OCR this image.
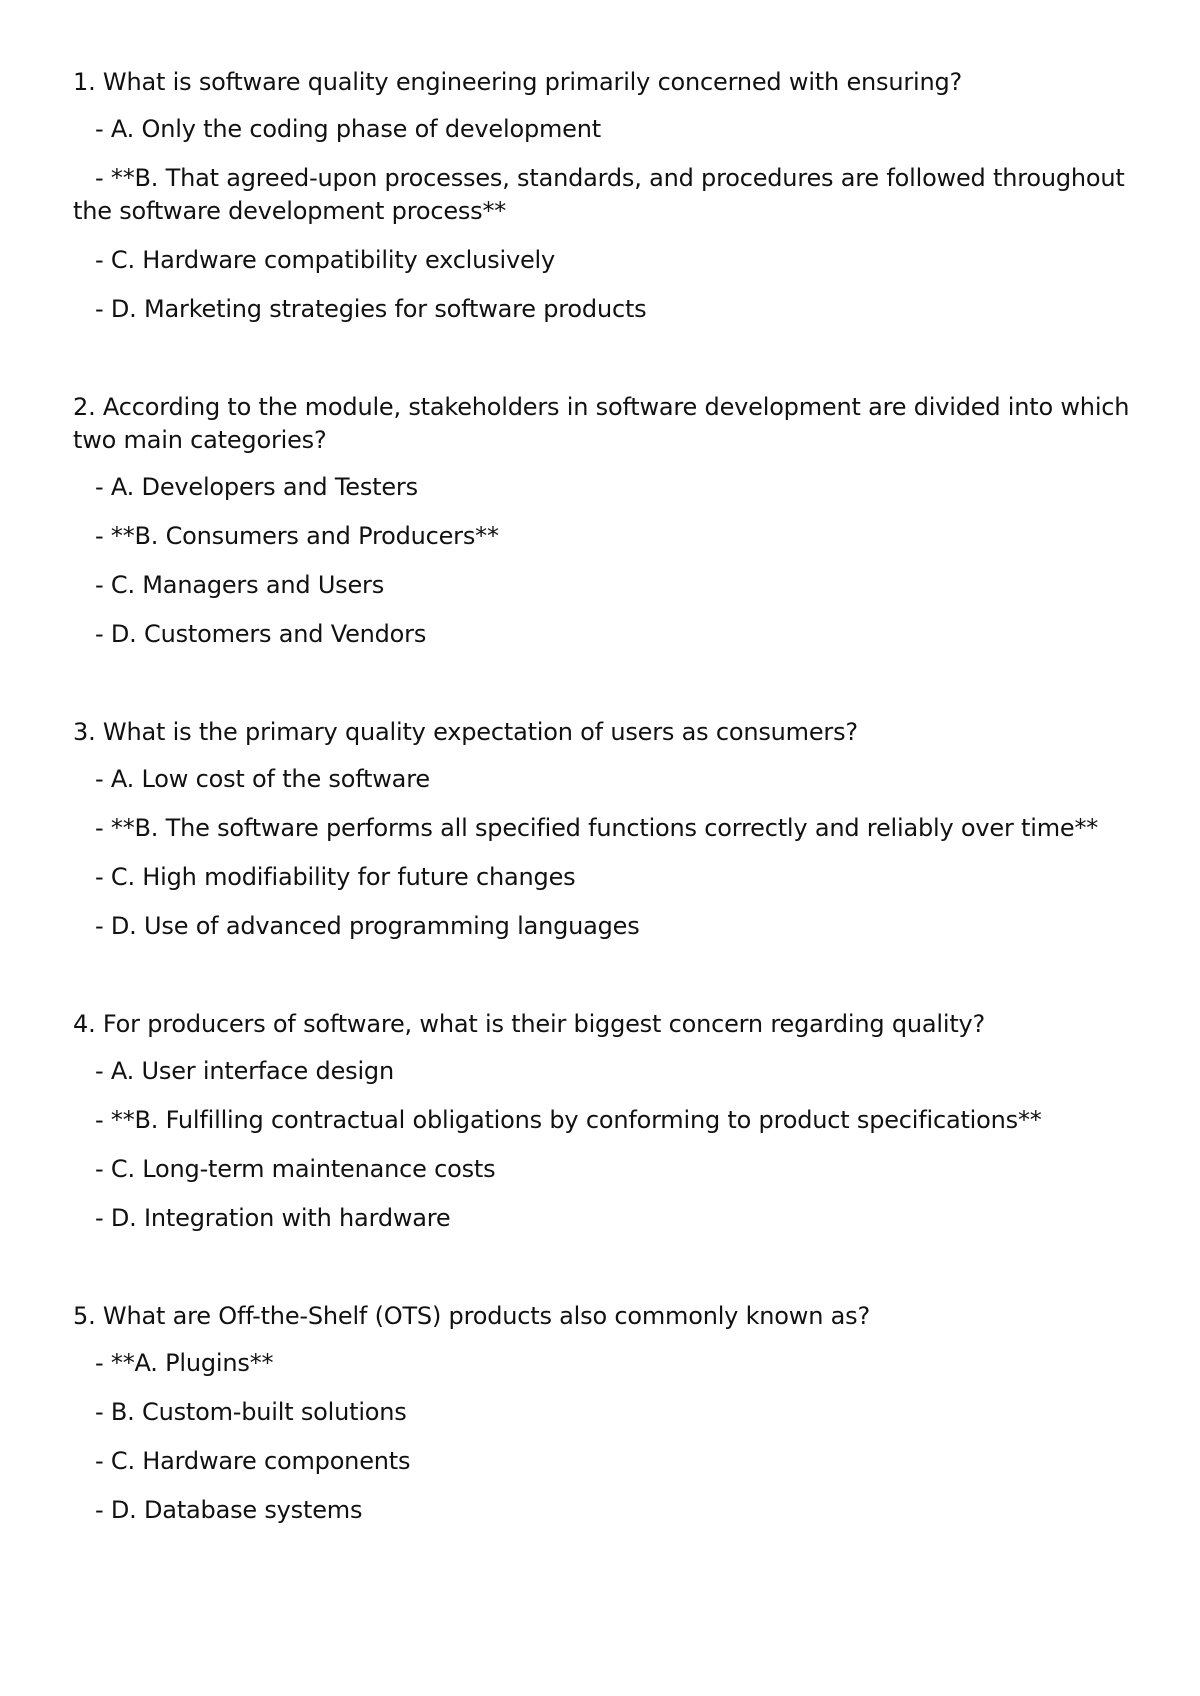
1. What is software quality engineering primarily concerned with ensuring?

- A. Only the coding phase of development

- **B. That agreed-upon processes, standards, and procedures are followed throughout the software development process**

- C. Hardware compatibility exclusively

- D. Marketing strategies for software products

2. According to the module, stakeholders in software development are divided into which two main categories?

- A. Developers and Testers

- **B. Consumers and Producers**

- C. Managers and Users

- D. Customers and Vendors

3. What is the primary quality expectation of users as consumers?

- A. Low cost of the software

- **B. The software performs all specified functions correctly and reliably over time**

- C. High modifiability for future changes

- D. Use of advanced programming languages

4. For producers of software, what is their biggest concern regarding quality?

- A. User interface design

- **B. Fulfilling contractual obligations by conforming to product specifications**

- C. Long-term maintenance costs

- D. Integration with hardware

5. What are Off-the-Shelf (OTS) products also commonly known as?

- **A. Plugins**

- B. Custom-built solutions

- C. Hardware components

- D. Database systems
